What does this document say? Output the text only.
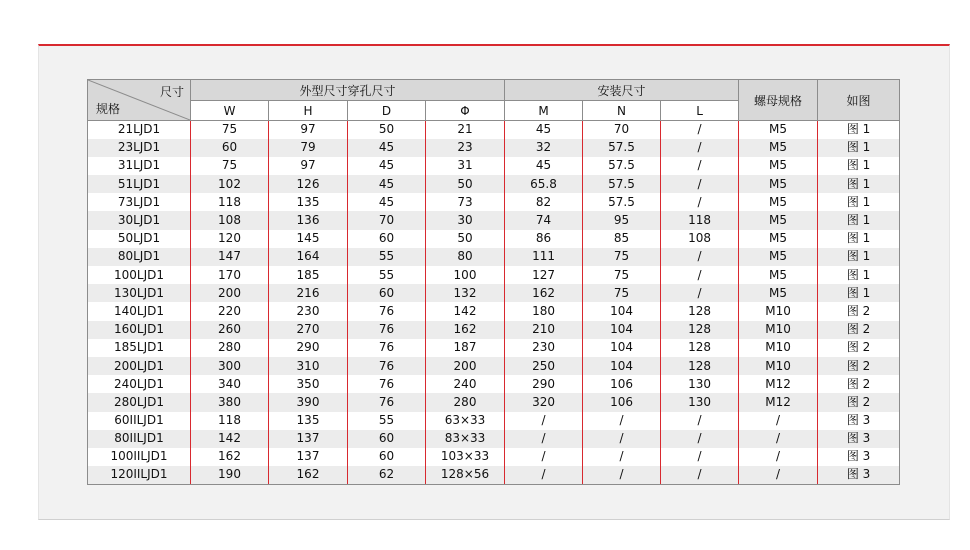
尺寸
规格	外型尺寸穿孔尺寸				安装尺寸			螺母规格	如图
	W	H	D	Φ	M	N	L		
21LJD1	75	97	50	21	45	70	/	M5	图 1
23LJD1	60	79	45	23	32	57.5	/	M5	图 1
31LJD1	75	97	45	31	45	57.5	/	M5	图 1
51LJD1	102	126	45	50	65.8	57.5	/	M5	图 1
73LJD1	118	135	45	73	82	57.5	/	M5	图 1
30LJD1	108	136	70	30	74	95	118	M5	图 1
50LJD1	120	145	60	50	86	85	108	M5	图 1
80LJD1	147	164	55	80	111	75	/	M5	图 1
100LJD1	170	185	55	100	127	75	/	M5	图 1
130LJD1	200	216	60	132	162	75	/	M5	图 1
140LJD1	220	230	76	142	180	104	128	M10	图 2
160LJD1	260	270	76	162	210	104	128	M10	图 2
185LJD1	280	290	76	187	230	104	128	M10	图 2
200LJD1	300	310	76	200	250	104	128	M10	图 2
240LJD1	340	350	76	240	290	106	130	M12	图 2
280LJD1	380	390	76	280	320	106	130	M12	图 2
60IILJD1	118	135	55	63×33	/	/	/	/	图 3
80IILJD1	142	137	60	83×33	/	/	/	/	图 3
100IILJD1	162	137	60	103×33	/	/	/	/	图 3
120IILJD1	190	162	62	128×56	/	/	/	/	图 3
